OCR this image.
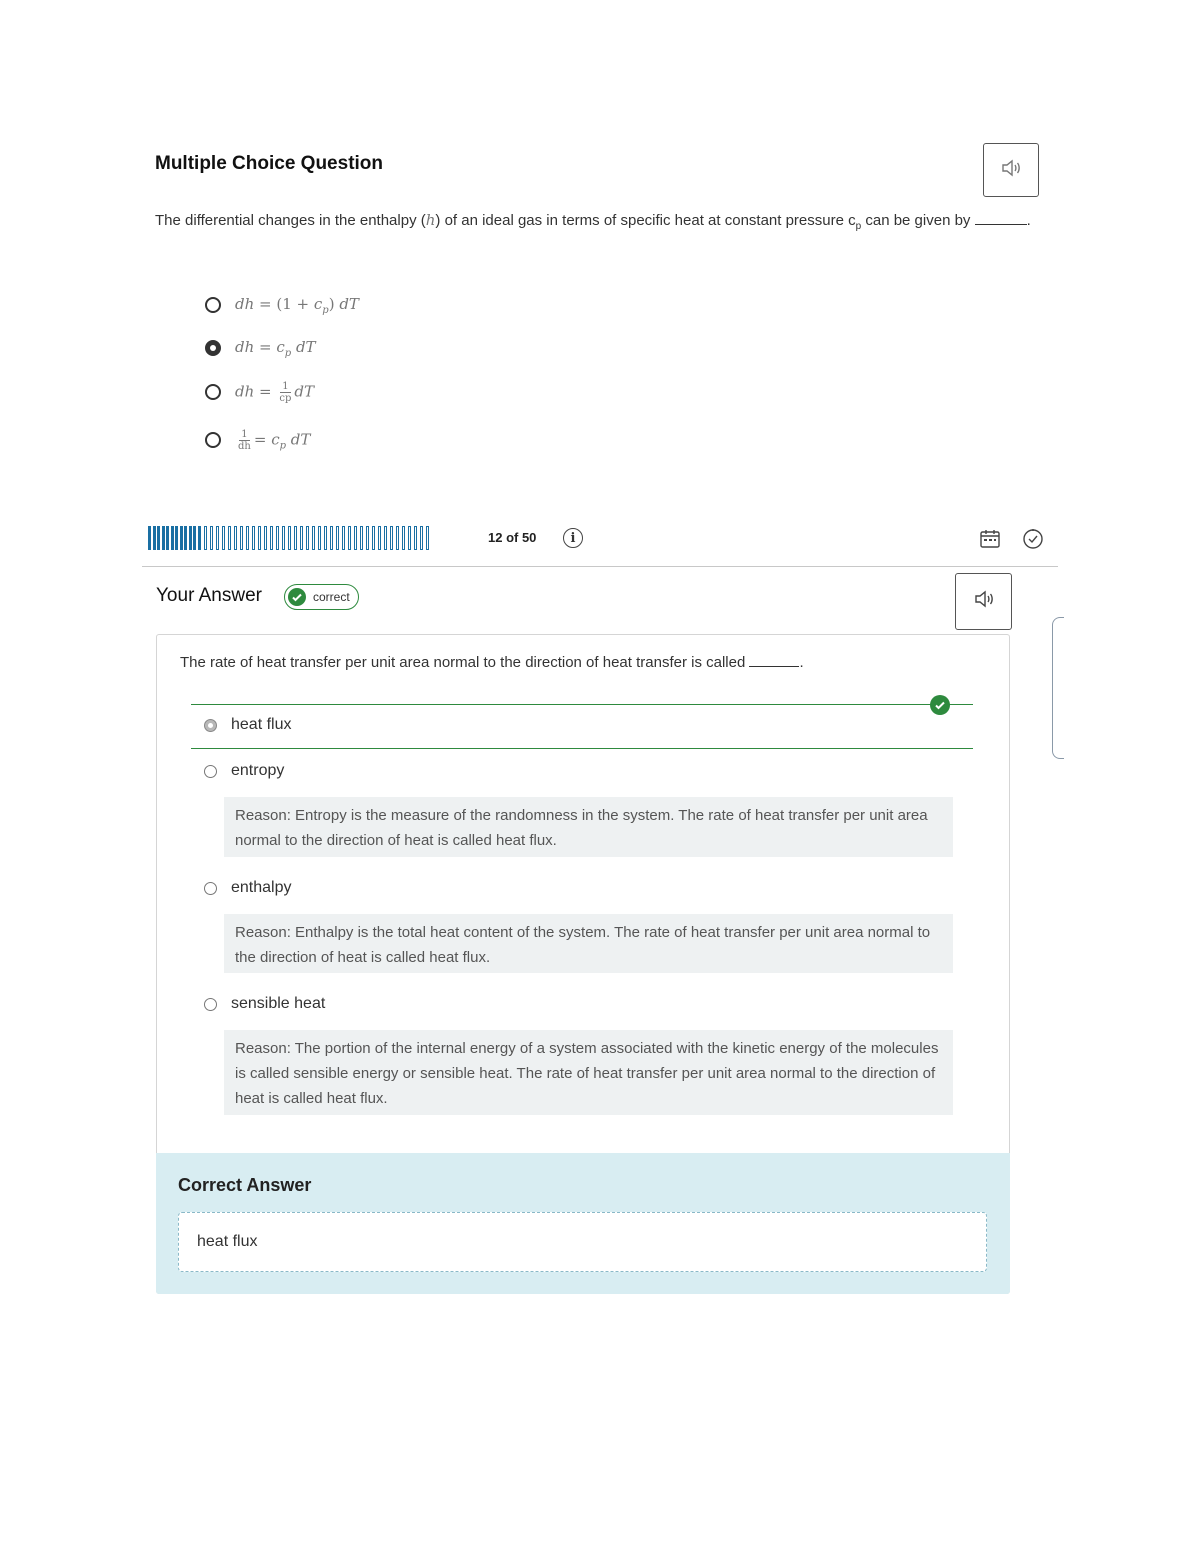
Multiple Choice Question
The differential changes in the enthalpy (h) of an ideal gas in terms of specific heat at constant pressure $c_p$ can be given by	.
dh = $(1 + c_p)$ dT
dh = $c_p$ dT
dh = $\frac{1}{cp}$ dT
$\frac{1}{dh} = c_p$ dT
12 of 50	i
Your Answer	correct
The rate of heat transfer per unit area normal to the direction of heat transfer is called	.
heat flux
entropy
Reason: Entropy is the measure of the randomness in the system. The rate of heat transfer per unit area normal to the direction of heat is called heat flux.
enthalpy
Reason: Enthalpy is the total heat content of the system. The rate of heat transfer per unit area normal to the direction of heat is called heat flux.
sensible heat
Reason: The portion of the internal energy of a system associated with the kinetic energy of the molecules is called sensible energy or sensible heat. The rate of heat transfer per unit area normal to the direction of heat is called heat flux.
Correct Answer
heat flux
